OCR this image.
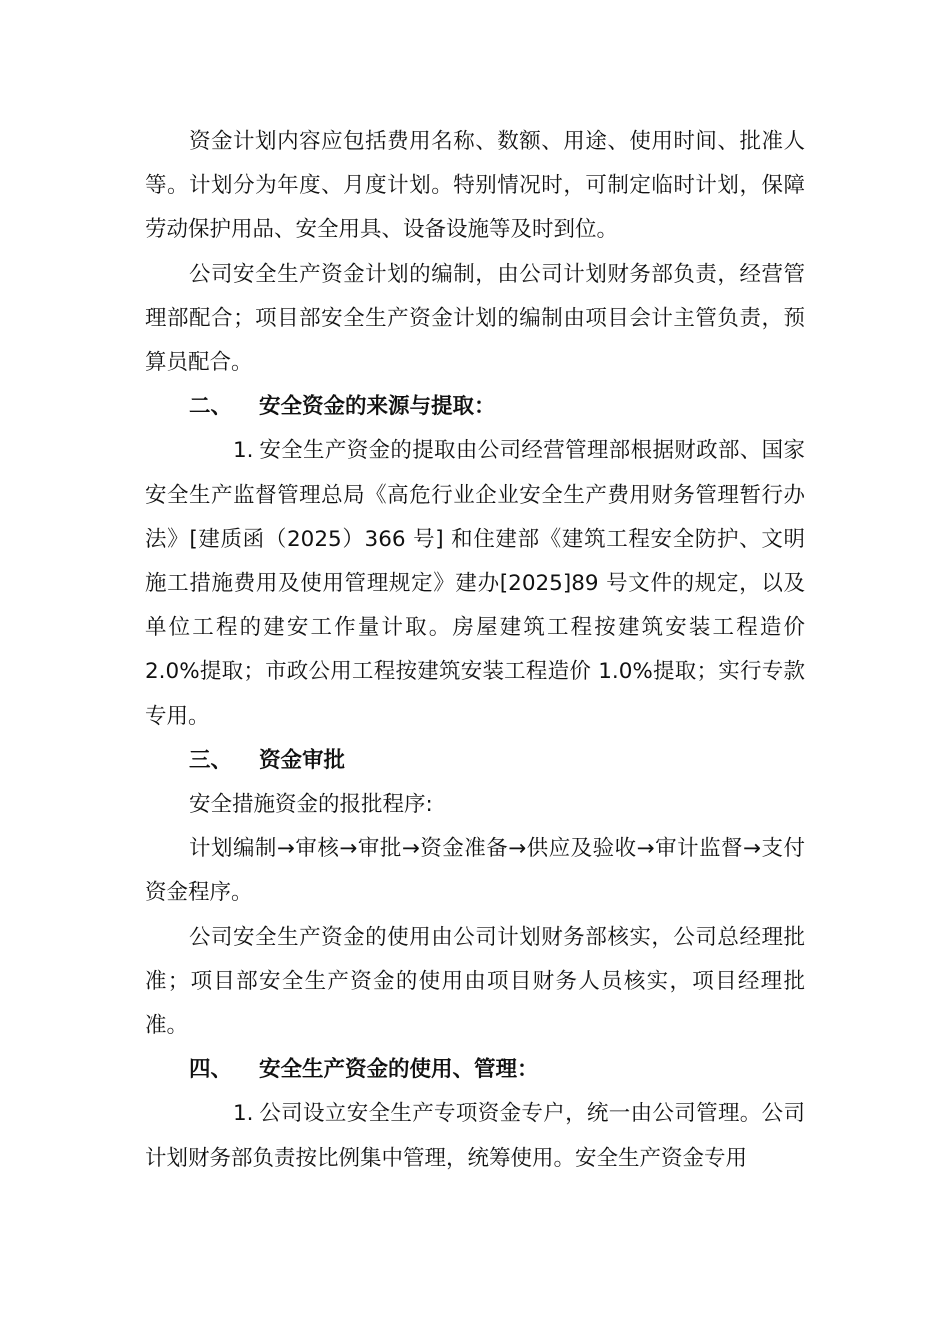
资金计划内容应包括费用名称、数额、用途、使用时间、批准人等。计划分为年度、月度计划。特别情况时，可制定临时计划，保障劳动保护用品、安全用具、设备设施等及时到位。

公司安全生产资金计划的编制，由公司计划财务部负责，经营管理部配合；项目部安全生产资金计划的编制由项目会计主管负责，预算员配合。

二、 安全资金的来源与提取：

1. 安全生产资金的提取由公司经营管理部根据财政部、国家安全生产监督管理总局《高危行业企业安全生产费用财务管理暂行办法》[建质函（2025）366 号] 和住建部《建筑工程安全防护、文明施工措施费用及使用管理规定》建办[2025]89 号文件的规定，以及单位工程的建安工作量计取。房屋建筑工程按建筑安装工程造价 2.0%提取；市政公用工程按建筑安装工程造价 1.0%提取；实行专款专用。

三、 资金审批

安全措施资金的报批程序:

计划编制→审核→审批→资金准备→供应及验收→审计监督→支付资金程序。

公司安全生产资金的使用由公司计划财务部核实，公司总经理批准；项目部安全生产资金的使用由项目财务人员核实，项目经理批准。

四、 安全生产资金的使用、管理：

1. 公司设立安全生产专项资金专户，统一由公司管理。公司计划财务部负责按比例集中管理，统筹使用。安全生产资金专用
